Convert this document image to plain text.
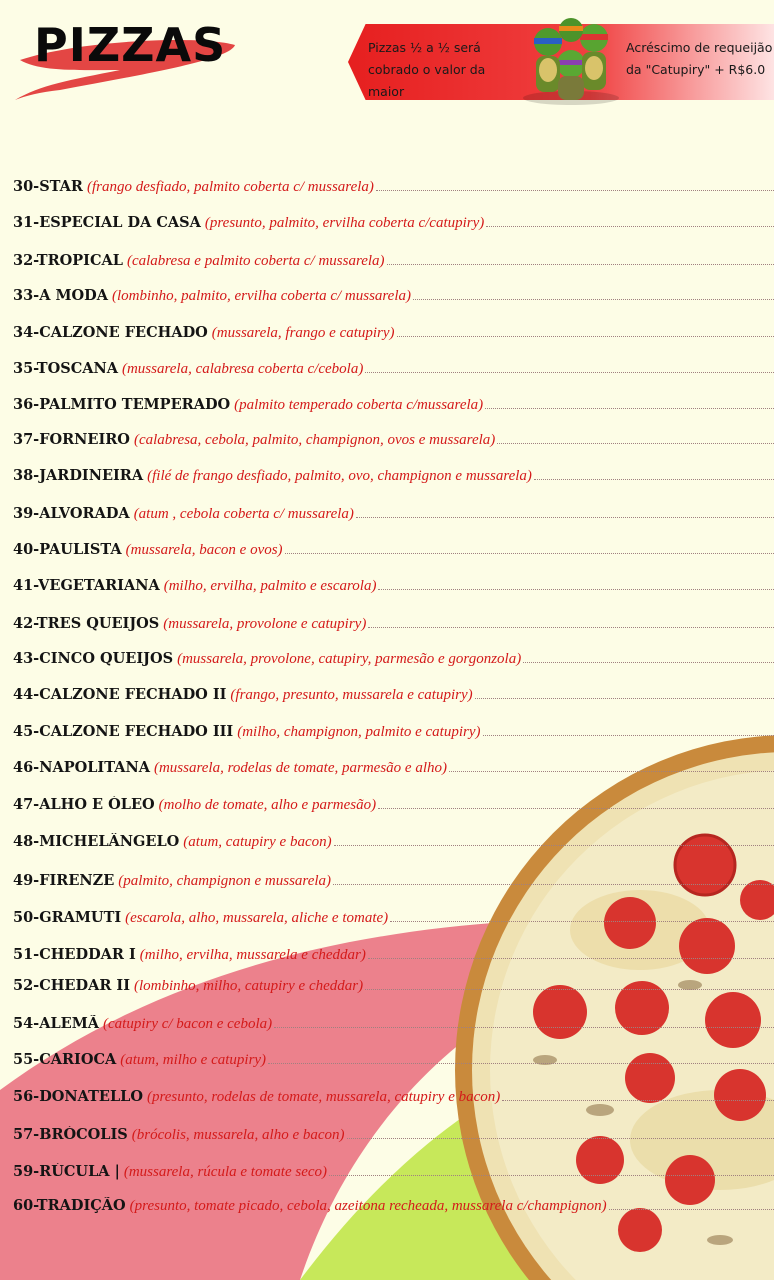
PIZZAS	Pizzas ½ a ½ será
cobrado o valor da maior
Acréscimo de requeijão
da "Catupiry" + R$6.0
30-STAR (frango desfiado, palmito coberta c/ mussarela)
31-ESPECIAL DA CASA (presunto, palmito, ervilha coberta c/catupiry)
32-TROPICAL (calabresa e palmito coberta c/ mussarela)
33-A MODA (lombinho, palmito, ervilha coberta c/ mussarela)
34-CALZONE FECHADO (mussarela, frango e catupiry)
35-TOSCANA (mussarela, calabresa coberta c/cebola)
36-PALMITO TEMPERADO (palmito temperado coberta c/mussarela)
37-FORNEIRO (calabresa, cebola, palmito, champignon, ovos e mussarela)
38-JARDINEIRA (filé de frango desfiado, palmito, ovo, champignon e mussarela)
39-ALVORADA (atum , cebola coberta c/ mussarela)
40-PAULISTA (mussarela, bacon e ovos)
41-VEGETARIANA (milho, ervilha, palmito e escarola)
42-TRES QUEIJOS (mussarela, provolone e catupiry)
43-CINCO QUEIJOS (mussarela, provolone, catupiry, parmesão e gorgonzola)
44-CALZONE FECHADO II (frango, presunto, mussarela e catupiry)
45-CALZONE FECHADO III (milho, champignon, palmito e catupiry)
46-NAPOLITANA (mussarela, rodelas de tomate, parmesão e alho)
47-ALHO E ÓLEO (molho de tomate, alho e parmesão)
48-MICHELÂNGELO (atum, catupiry e bacon)
49-FIRENZE (palmito, champignon e mussarela)
50-GRAMUTI (escarola, alho, mussarela, aliche e tomate)
51-CHEDDAR I (milho, ervilha, mussarela e cheddar)
52-CHEDAR II (lombinho, milho, catupiry e cheddar)
54-ALEMÃ (catupiry c/ bacon e cebola)
55-CARIOCA (atum, milho e catupiry)
56-DONATELLO (presunto, rodelas de tomate, mussarela, catupiry e bacon)
57-BRÓCOLIS (brócolis, mussarela, alho e bacon)
59-RÚCULA | (mussarela, rúcula e tomate seco)
60-TRADIÇÃO (presunto, tomate picado, cebola, azeitona recheada, mussarela c/champignon)
